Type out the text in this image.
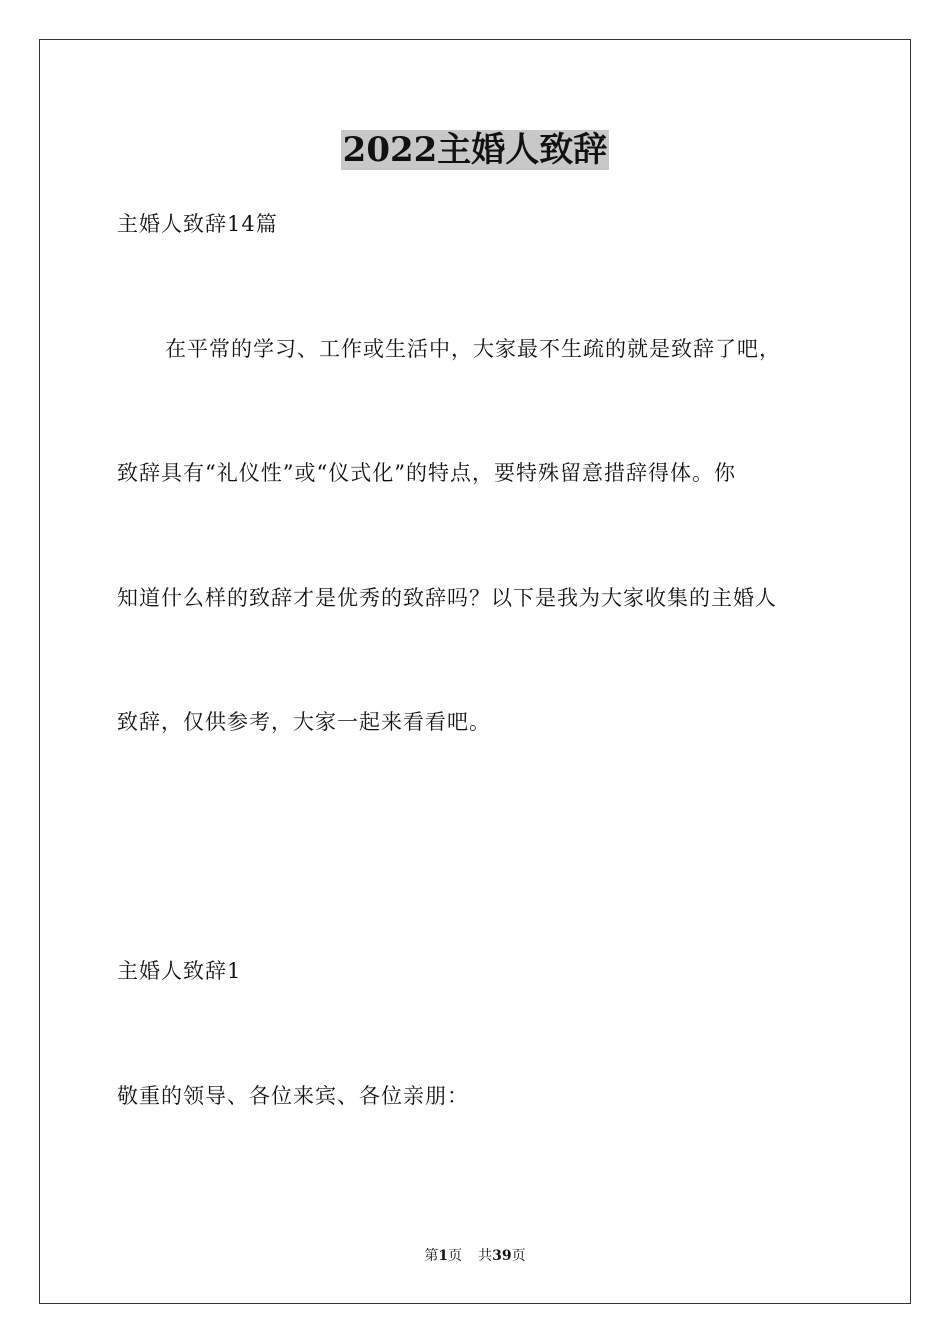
2022主婚人致辞
主婚人致辞14篇
在平常的学习、工作或生活中，大家最不生疏的就是致辞了吧，
致辞具有“礼仪性”或“仪式化”的特点，要特殊留意措辞得体。你
知道什么样的致辞才是优秀的致辞吗？以下是我为大家收集的主婚人
致辞，仅供参考，大家一起来看看吧。
主婚人致辞1
敬重的领导、各位来宾、各位亲朋：
第1页 共39页
